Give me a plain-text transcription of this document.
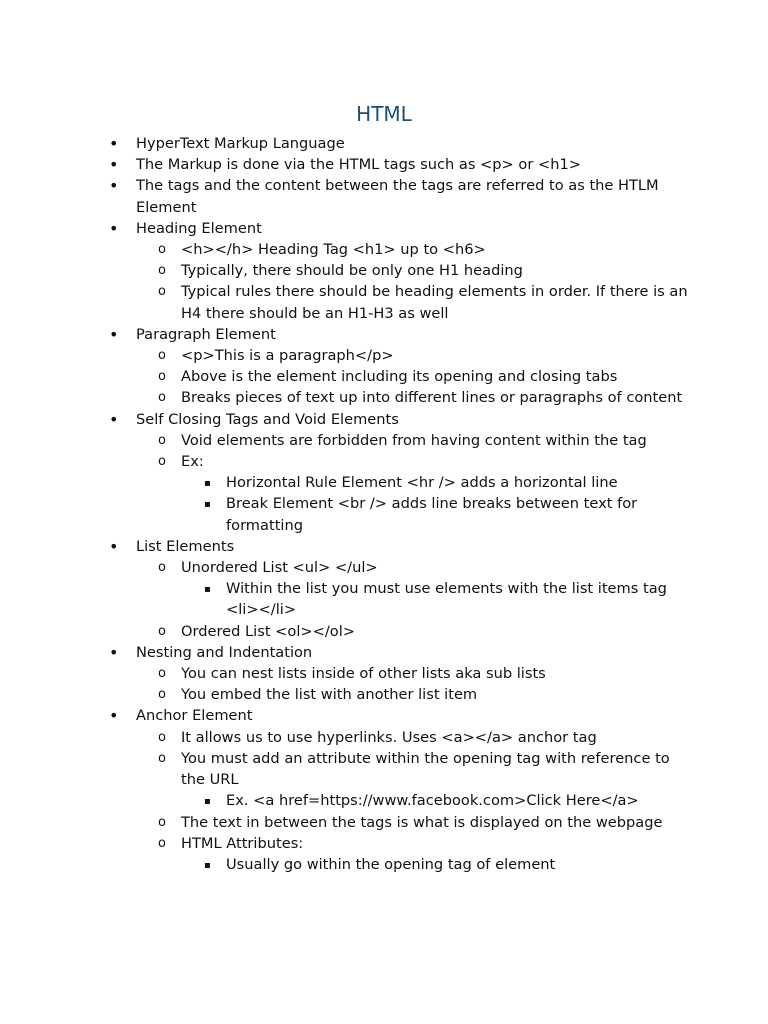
HTML
• HyperText Markup Language
• The Markup is done via the HTML tags such as <p> or <h1>
• The tags and the content between the tags are referred to as the HTLM Element
• Heading Element
o <h></h> Heading Tag <h1> up to <h6>
o Typically, there should be only one H1 heading
o Typical rules there should be heading elements in order. If there is an H4 there should be an H1-H3 as well
• Paragraph Element
o <p>This is a paragraph</p>
o Above is the element including its opening and closing tabs
o Breaks pieces of text up into different lines or paragraphs of content
• Self Closing Tags and Void Elements
o Void elements are forbidden from having content within the tag
o Ex:
▪ Horizontal Rule Element <hr /> adds a horizontal line
▪ Break Element <br /> adds line breaks between text for formatting
• List Elements
o Unordered List <ul> </ul>
▪ Within the list you must use elements with the list items tag <li></li>
o Ordered List <ol></ol>
• Nesting and Indentation
o You can nest lists inside of other lists aka sub lists
o You embed the list with another list item
• Anchor Element
o It allows us to use hyperlinks. Uses <a></a> anchor tag
o You must add an attribute within the opening tag with reference to the URL
▪ Ex. <a href=https://www.facebook.com>Click Here</a>
o The text in between the tags is what is displayed on the webpage
o HTML Attributes:
▪ Usually go within the opening tag of element
